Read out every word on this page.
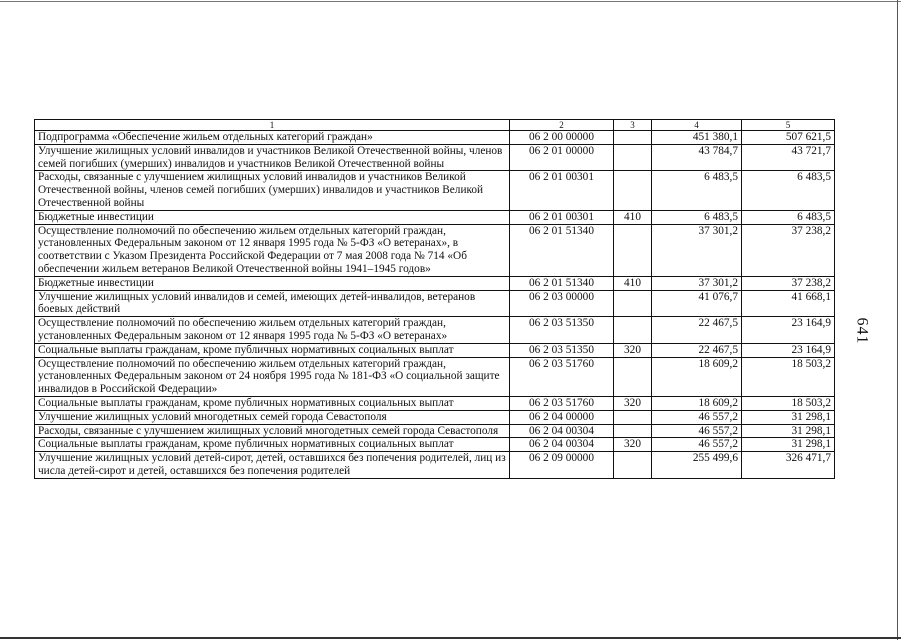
1	2	3	4	5
Подпрограмма «Обеспечение жильем отдельных категорий граждан»	06 2 00 00000		451 380,1	507 621,5
Улучшение жилищных условий инвалидов и участников Великой Отечественной войны, членов семей погибших (умерших) инвалидов и участников Великой Отечественной войны	06 2 01 00000		43 784,7	43 721,7
Расходы, связанные с улучшением жилищных условий инвалидов и участников Великой Отечественной войны, членов семей погибших (умерших) инвалидов и участников Великой Отечественной войны	06 2 01 00301		6 483,5	6 483,5
Бюджетные инвестиции	06 2 01 00301	410	6 483,5	6 483,5
Осуществление полномочий по обеспечению жильем отдельных категорий граждан, установленных Федеральным законом от 12 января 1995 года № 5-ФЗ «О ветеранах», в соответствии с Указом Президента Российской Федерации от 7 мая 2008 года № 714 «Об обеспечении жильем ветеранов Великой Отечественной войны 1941–1945 годов»	06 2 01 51340		37 301,2	37 238,2
Бюджетные инвестиции	06 2 01 51340	410	37 301,2	37 238,2
Улучшение жилищных условий инвалидов и семей, имеющих детей-инвалидов, ветеранов боевых действий	06 2 03 00000		41 076,7	41 668,1
Осуществление полномочий по обеспечению жильем отдельных категорий граждан, установленных Федеральным законом от 12 января 1995 года № 5-ФЗ «О ветеранах»	06 2 03 51350		22 467,5	23 164,9
Социальные выплаты гражданам, кроме публичных нормативных социальных выплат	06 2 03 51350	320	22 467,5	23 164,9
Осуществление полномочий по обеспечению жильем отдельных категорий граждан, установленных Федеральным законом от 24 ноября 1995 года № 181-ФЗ «О социальной защите инвалидов в Российской Федерации»	06 2 03 51760		18 609,2	18 503,2
Социальные выплаты гражданам, кроме публичных нормативных социальных выплат	06 2 03 51760	320	18 609,2	18 503,2
Улучшение жилищных условий многодетных семей города Севастополя	06 2 04 00000		46 557,2	31 298,1
Расходы, связанные с улучшением жилищных условий многодетных семей города Севастополя	06 2 04 00304		46 557,2	31 298,1
Социальные выплаты гражданам, кроме публичных нормативных социальных выплат	06 2 04 00304	320	46 557,2	31 298,1
Улучшение жилищных условий детей-сирот, детей, оставшихся без попечения родителей, лиц из числа детей-сирот и детей, оставшихся без попечения родителей	06 2 09 00000		255 499,6	326 471,7
641
